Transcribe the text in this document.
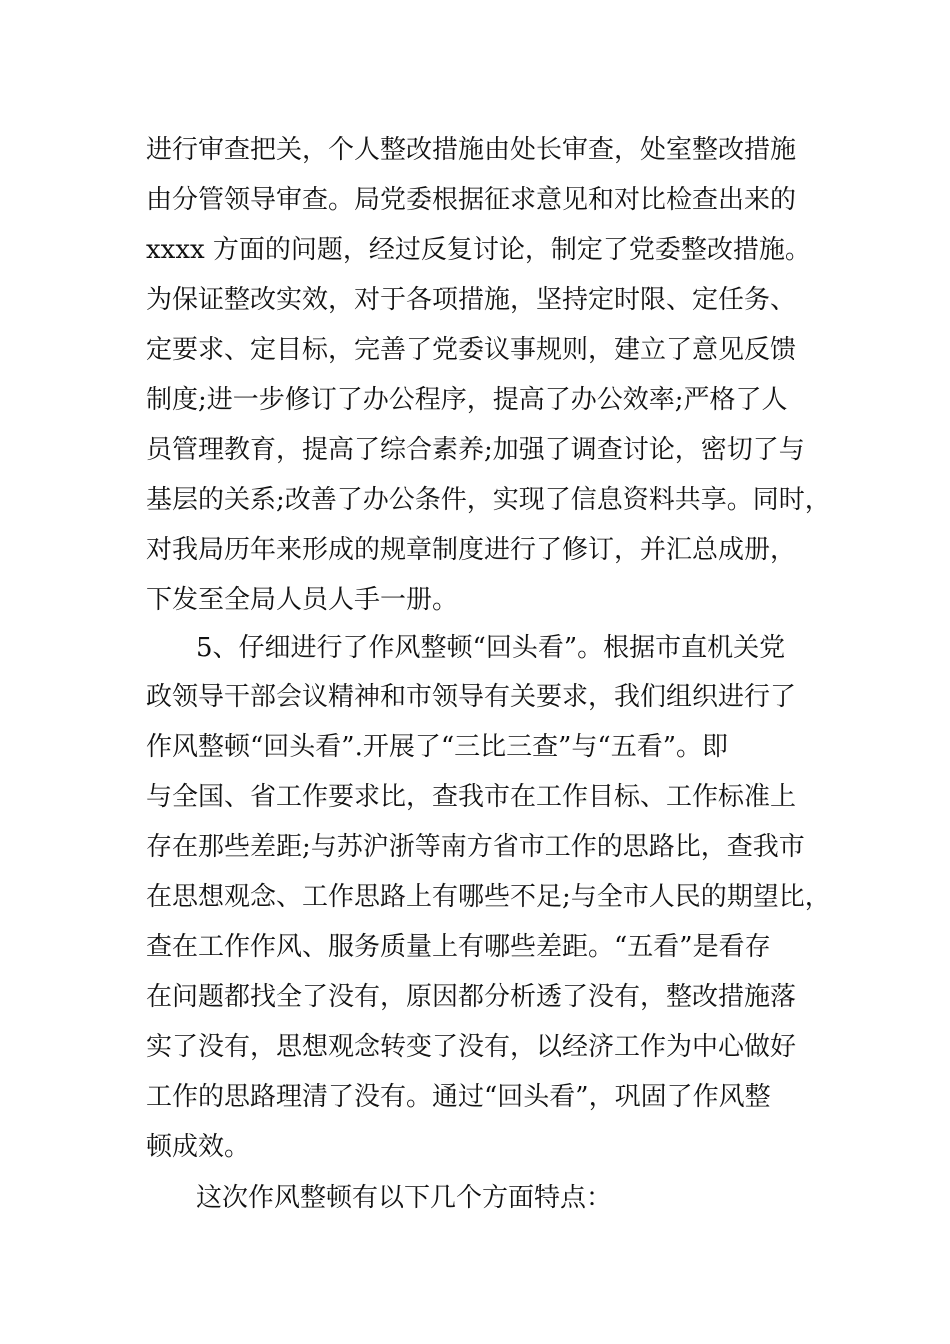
进行审查把关，个人整改措施由处长审查，处室整改措施
由分管领导审查。局党委根据征求意见和对比检查出来的
xxxx 方面的问题，经过反复讨论，制定了党委整改措施。
为保证整改实效，对于各项措施，坚持定时限、定任务、
定要求、定目标，完善了党委议事规则，建立了意见反馈
制度;进一步修订了办公程序，提高了办公效率;严格了人
员管理教育，提高了综合素养;加强了调查讨论，密切了与
基层的关系;改善了办公条件，实现了信息资料共享。同时，
对我局历年来形成的规章制度进行了修订，并汇总成册，
下发至全局人员人手一册。
5、仔细进行了作风整顿“回头看”。根据市直机关党
政领导干部会议精神和市领导有关要求，我们组织进行了
作风整顿“回头看”.开展了“三比三查”与“五看”。即
与全国、省工作要求比，查我市在工作目标、工作标准上
存在那些差距;与苏沪浙等南方省市工作的思路比，查我市
在思想观念、工作思路上有哪些不足;与全市人民的期望比，
查在工作作风、服务质量上有哪些差距。“五看”是看存
在问题都找全了没有，原因都分析透了没有，整改措施落
实了没有，思想观念转变了没有，以经济工作为中心做好
工作的思路理清了没有。通过“回头看”，巩固了作风整
顿成效。
这次作风整顿有以下几个方面特点：
